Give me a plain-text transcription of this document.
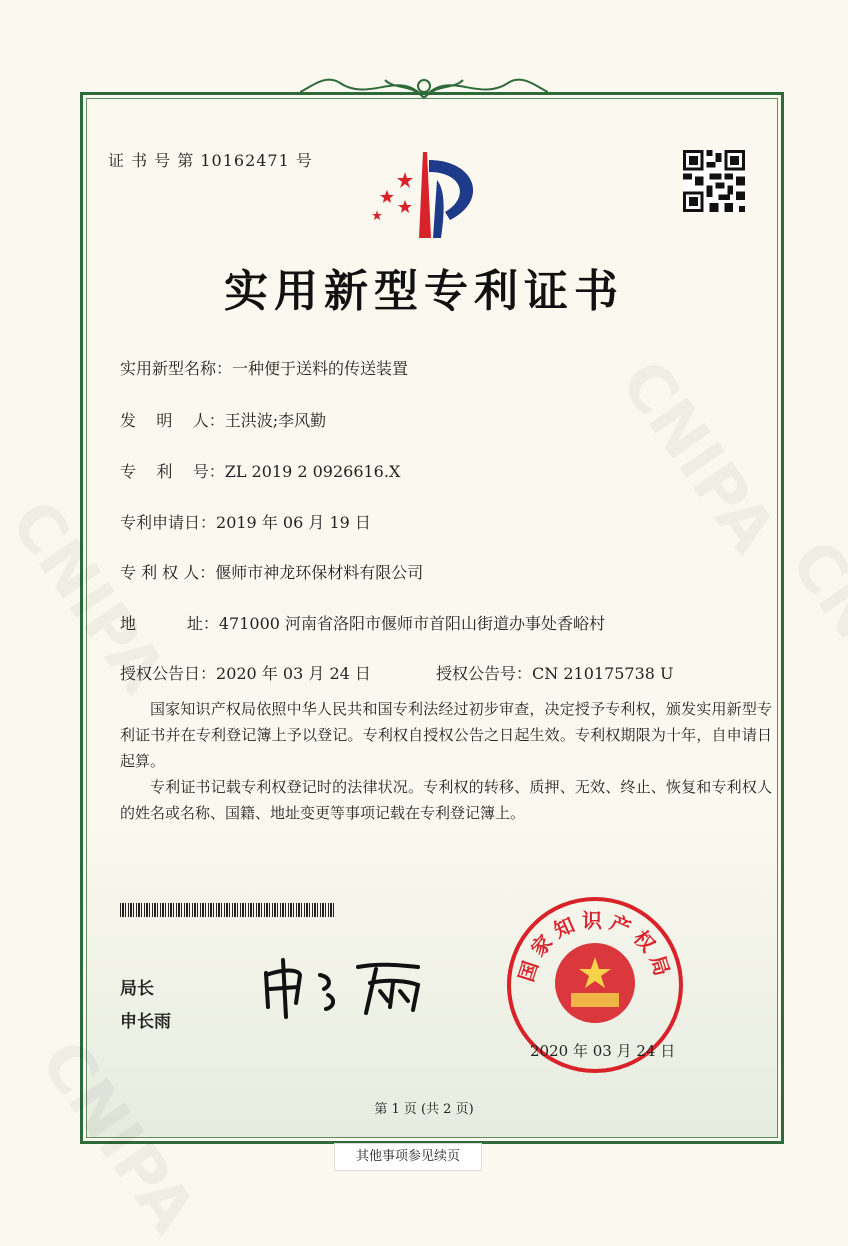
证 书 号 第 10162471 号
实用新型专利证书
实用新型名称：一种便于送料的传送装置
发    明    人：王洪波;李风勤
专    利    号：ZL 2019 2 0926616.X
专利申请日：2019 年 06 月 19 日
专 利 权 人：偃师市神龙环保材料有限公司
地          址：471000 河南省洛阳市偃师市首阳山街道办事处香峪村
授权公告日：2020 年 03 月 24 日	授权公告号：CN 210175738 U

国家知识产权局依照中华人民共和国专利法经过初步审查，决定授予专利权，颁发实用新型专利证书并在专利登记簿上予以登记。专利权自授权公告之日起生效。专利权期限为十年，自申请日起算。

专利证书记载专利权登记时的法律状况。专利权的转移、质押、无效、终止、恢复和专利权人的姓名或名称、国籍、地址变更等事项记载在专利登记簿上。

局长
申长雨
国家知识产权局
2020 年 03 月 24 日
第 1 页 (共 2 页)
其他事项参见续页
